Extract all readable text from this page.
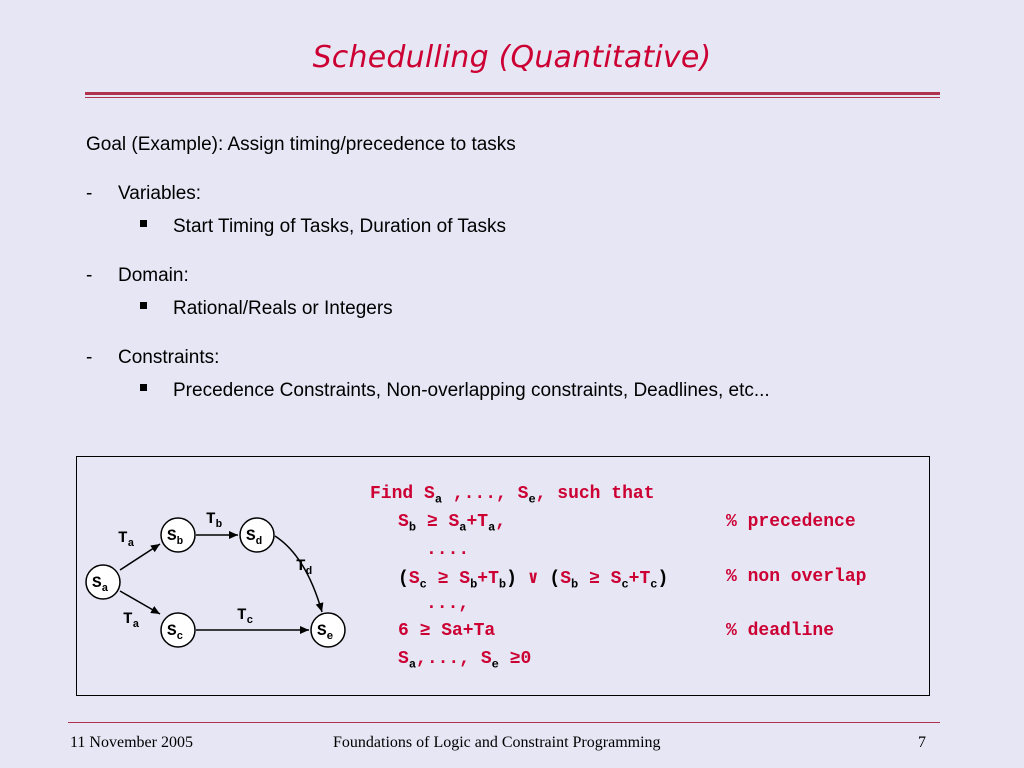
Schedulling (Quantitative)
Goal (Example): Assign timing/precedence to tasks
- Variables:
Start Timing of Tasks, Duration of Tasks
- Domain:
Rational/Reals or Integers
- Constraints:
Precedence Constraints, Non-overlapping constraints, Deadlines, etc...
$S_a$
$S_b$
$S_c$
$S_d$
$S_e$
$T_a$
$T_a$
$T_b$
$T_c$
$T_d$
Find $S_a$ ,..., $S_e$, such that
$S_b \ge S_a+T_a$,	% precedence
....
$(S_c \ge S_b+T_b)$ ∨ $(S_b \ge S_c+T_c)$	% non overlap
...,
6 ≥ Sa+Ta	% deadline
$S_a$,..., $S_e \ge 0$
11 November 2005	Foundations of Logic and Constraint Programming	7
